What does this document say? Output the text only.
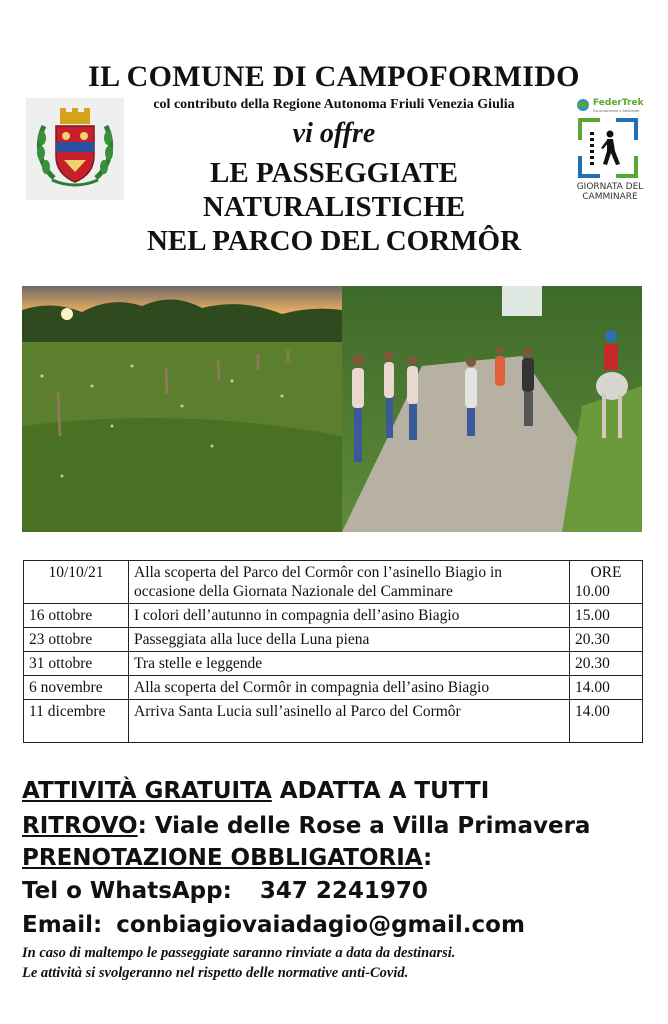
IL COMUNE DI CAMPOFORMIDO
col contributo della Regione Autonoma Friuli Venezia Giulia
vi offre
LE PASSEGGIATE
NATURALISTICHE
NEL PARCO DEL CORMÔR
FederTrek
Escursionismo e Ambiente
GIORNATA DEL
CAMMINARE
10/10/21	Alla scoperta del Parco del Cormôr con l’asinello Biagio in occasione della Giornata Nazionale del Camminare	ORE
10.00

16 ottobre	I colori dell’autunno in compagnia dell’asino Biagio	15.00
23 ottobre	Passeggiata alla luce della Luna piena	20.30
31 ottobre	Tra stelle e leggende	20.30
6 novembre	Alla scoperta del Cormôr in compagnia dell’asino Biagio	14.00
11 dicembre	Arriva Santa Lucia sull’asinello al Parco del Cormôr	14.00
ATTIVITÀ GRATUITA ADATTA A TUTTI
RITROVO: Viale delle Rose a Villa Primavera
PRENOTAZIONE OBBLIGATORIA:
Tel o WhatsApp: 347 2241970
Email: conbiagiovaiadagio@gmail.com
In caso di maltempo le passeggiate saranno rinviate a data da destinarsi.
Le attività si svolgeranno nel rispetto delle normative anti-Covid.
